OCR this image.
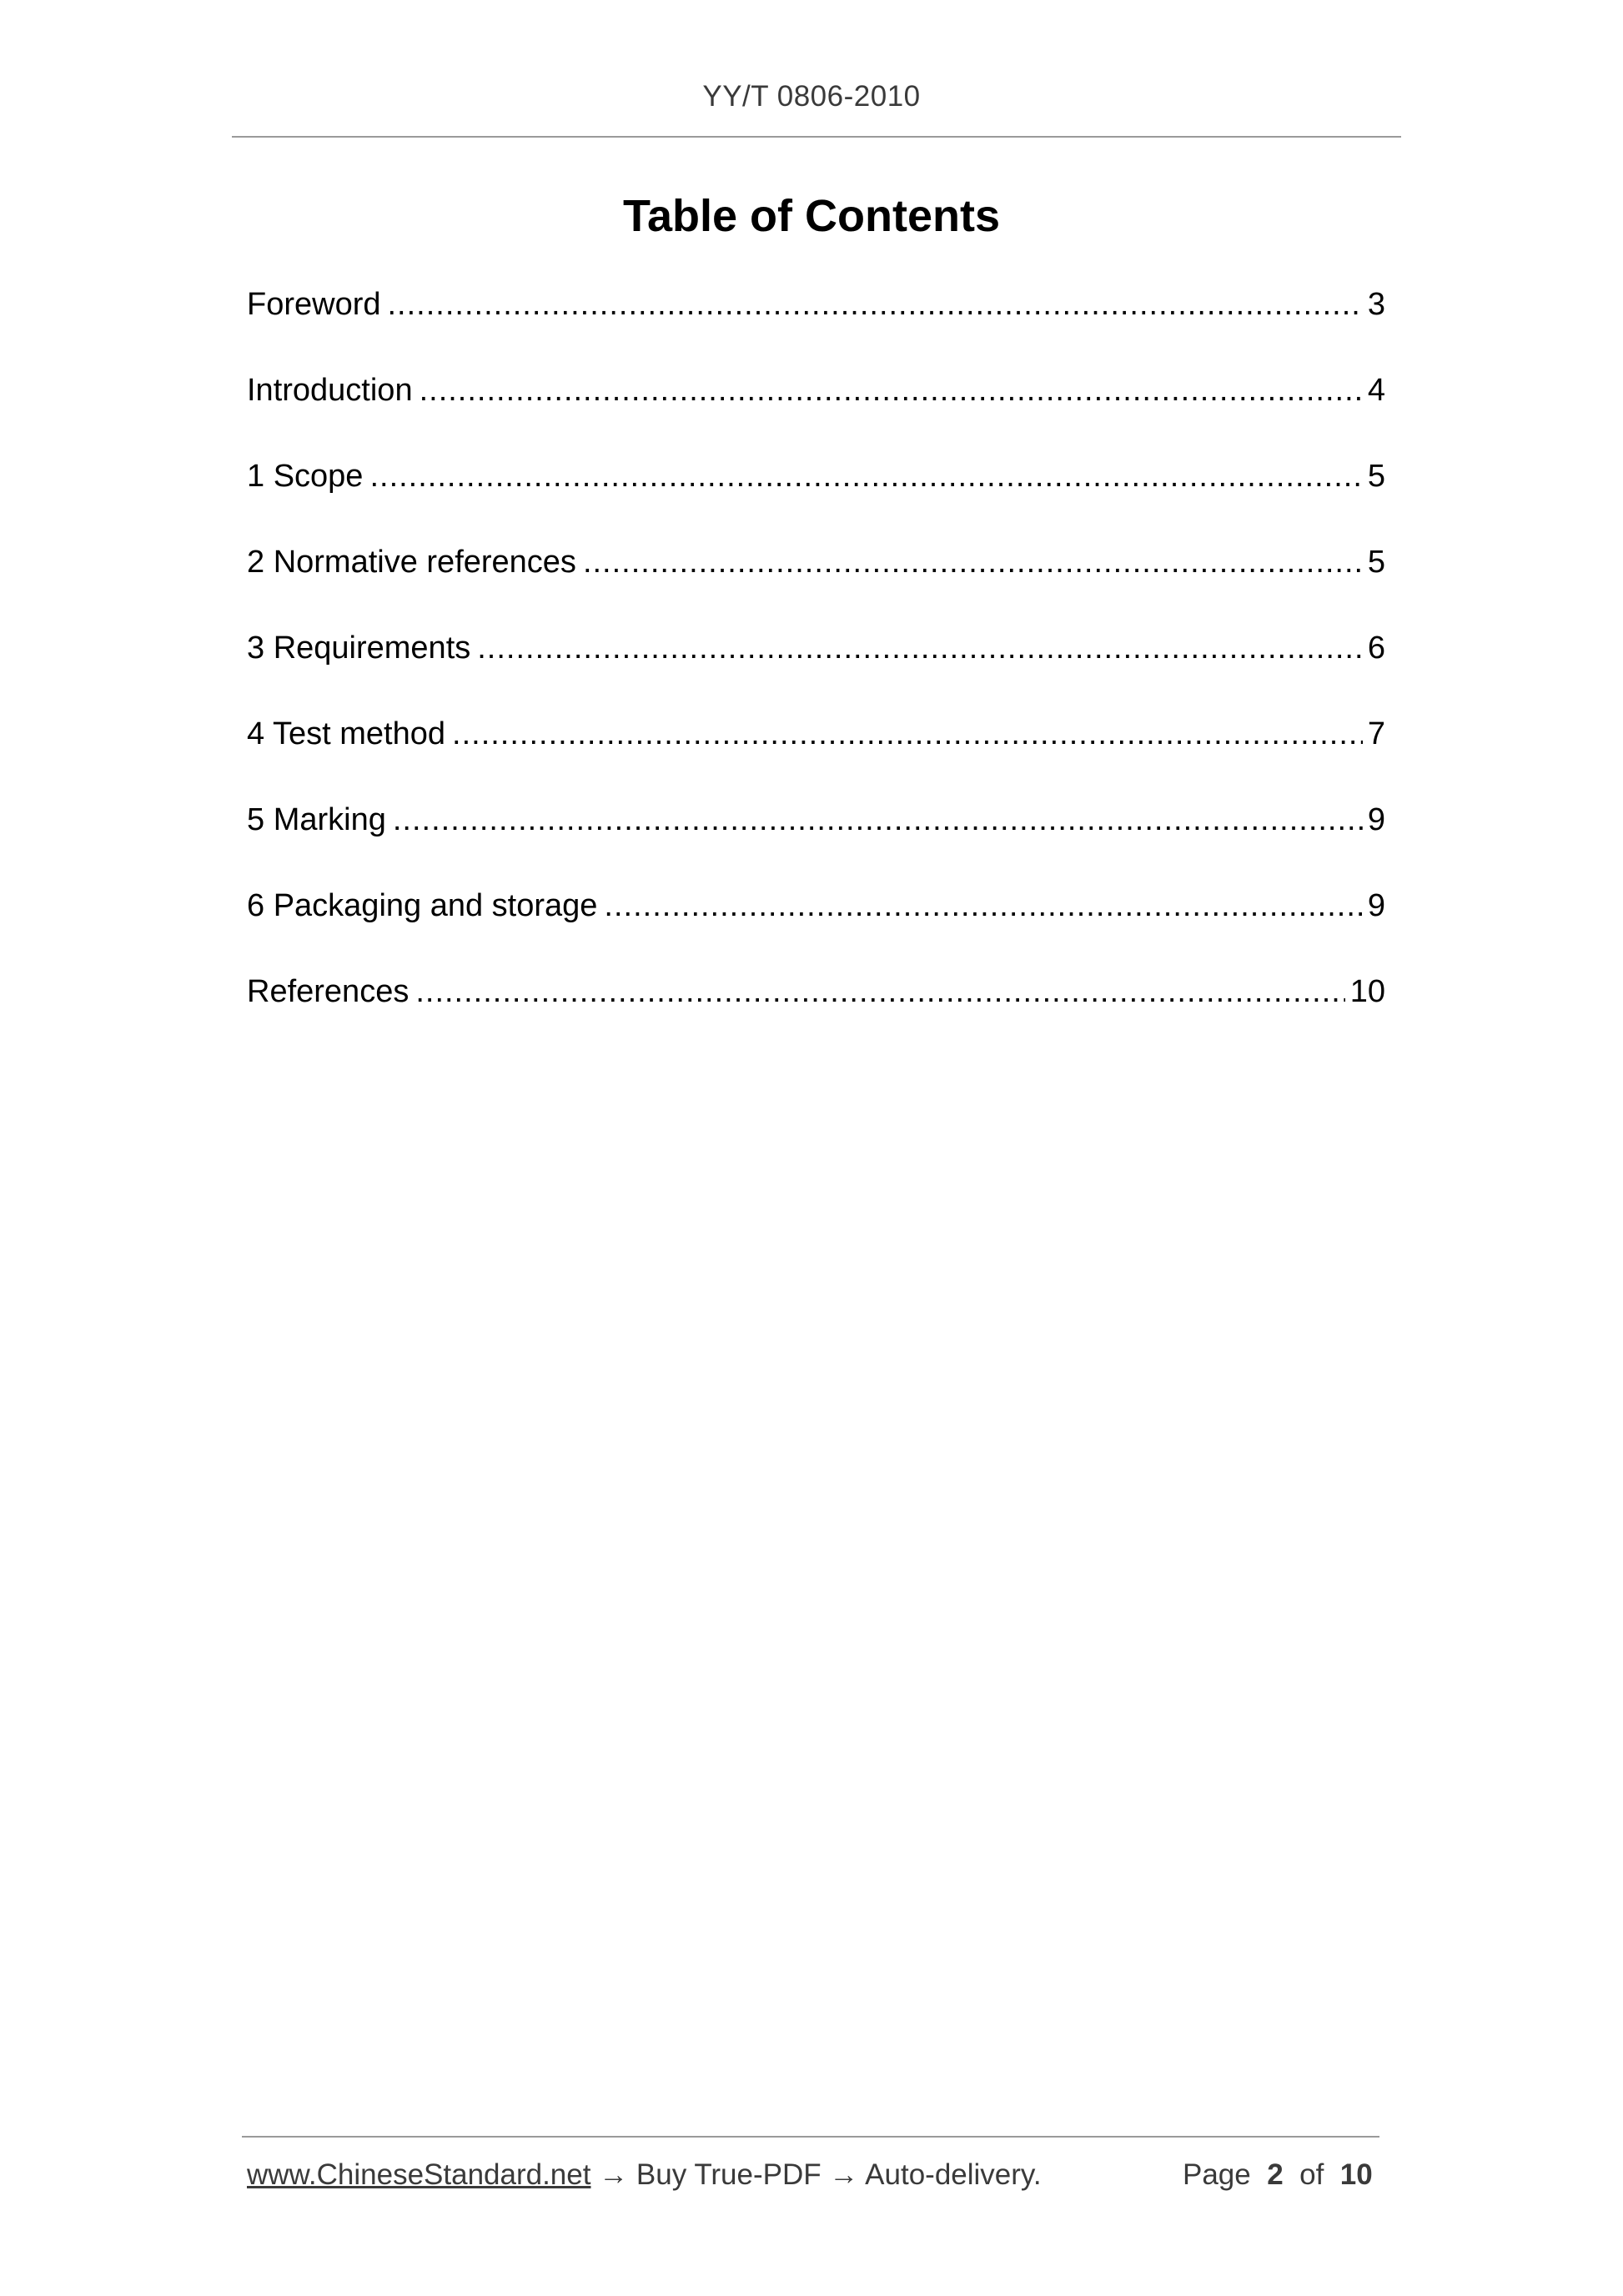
YY/T 0806-2010
Table of Contents
Foreword .....	3
Introduction .....	4
1 Scope .....	5
2 Normative references .....	5
3 Requirements .....	6
4 Test method .....	7
5 Marking .....	9
6 Packaging and storage .....	9
References .....	10
www.ChineseStandard.net → Buy True-PDF → Auto-delivery.	Page 2 of 10
